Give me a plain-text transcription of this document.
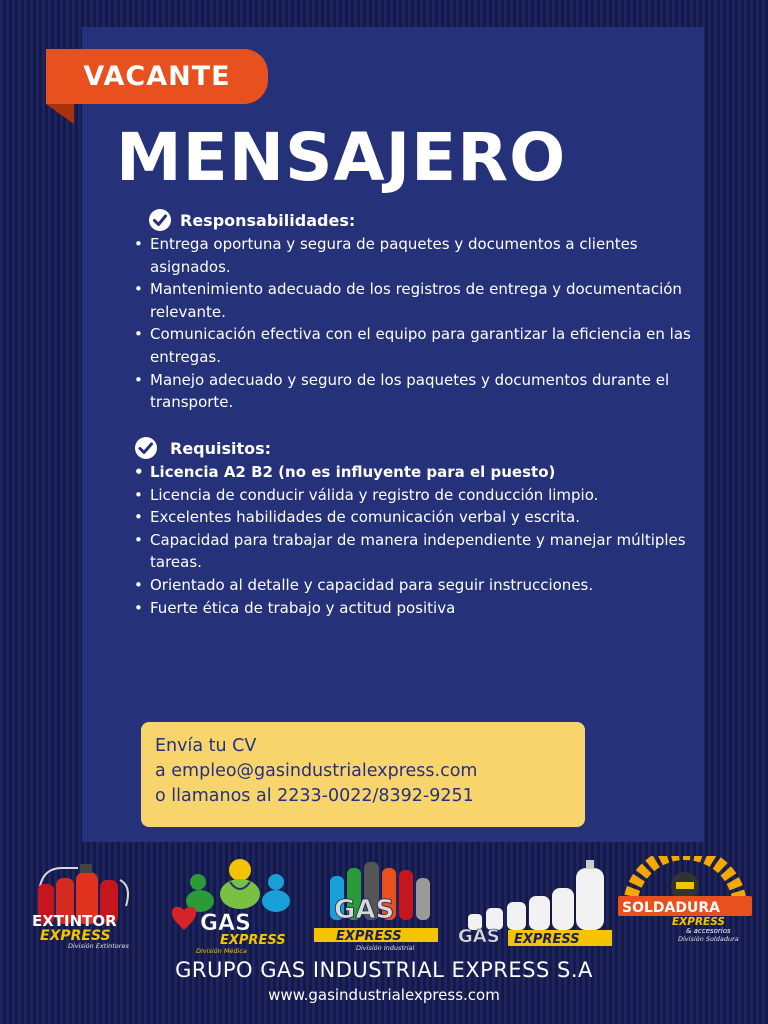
VACANTE
MENSAJERO
Responsabilidades:
• Entrega oportuna y segura de paquetes y documentos a clientes asignados.
• Mantenimiento adecuado de los registros de entrega y documentación relevante.
• Comunicación efectiva con el equipo para garantizar la eficiencia en las entregas.
• Manejo adecuado y seguro de los paquetes y documentos durante el transporte.
Requisitos:
• Licencia A2 B2 (no es influyente para el puesto)
• Licencia de conducir válida y registro de conducción limpio.
• Excelentes habilidades de comunicación verbal y escrita.
• Capacidad para trabajar de manera independiente y manejar múltiples tareas.
• Orientado al detalle y capacidad para seguir instrucciones.
• Fuerte ética de trabajo y actitud positiva
Envía tu CV
a empleo@gasindustrialexpress.com
o llamanos al 2233-0022/8392-9251
EXTINTOR
EXPRESS
División Extintores
GAS
EXPRESS
División Médica
GAS
EXPRESS
División Industrial
GAS EXPRESS
SOLDADURA
EXPRESS
& accesorios
División Soldadura
GRUPO GAS INDUSTRIAL EXPRESS S.A
www.gasindustrialexpress.com
